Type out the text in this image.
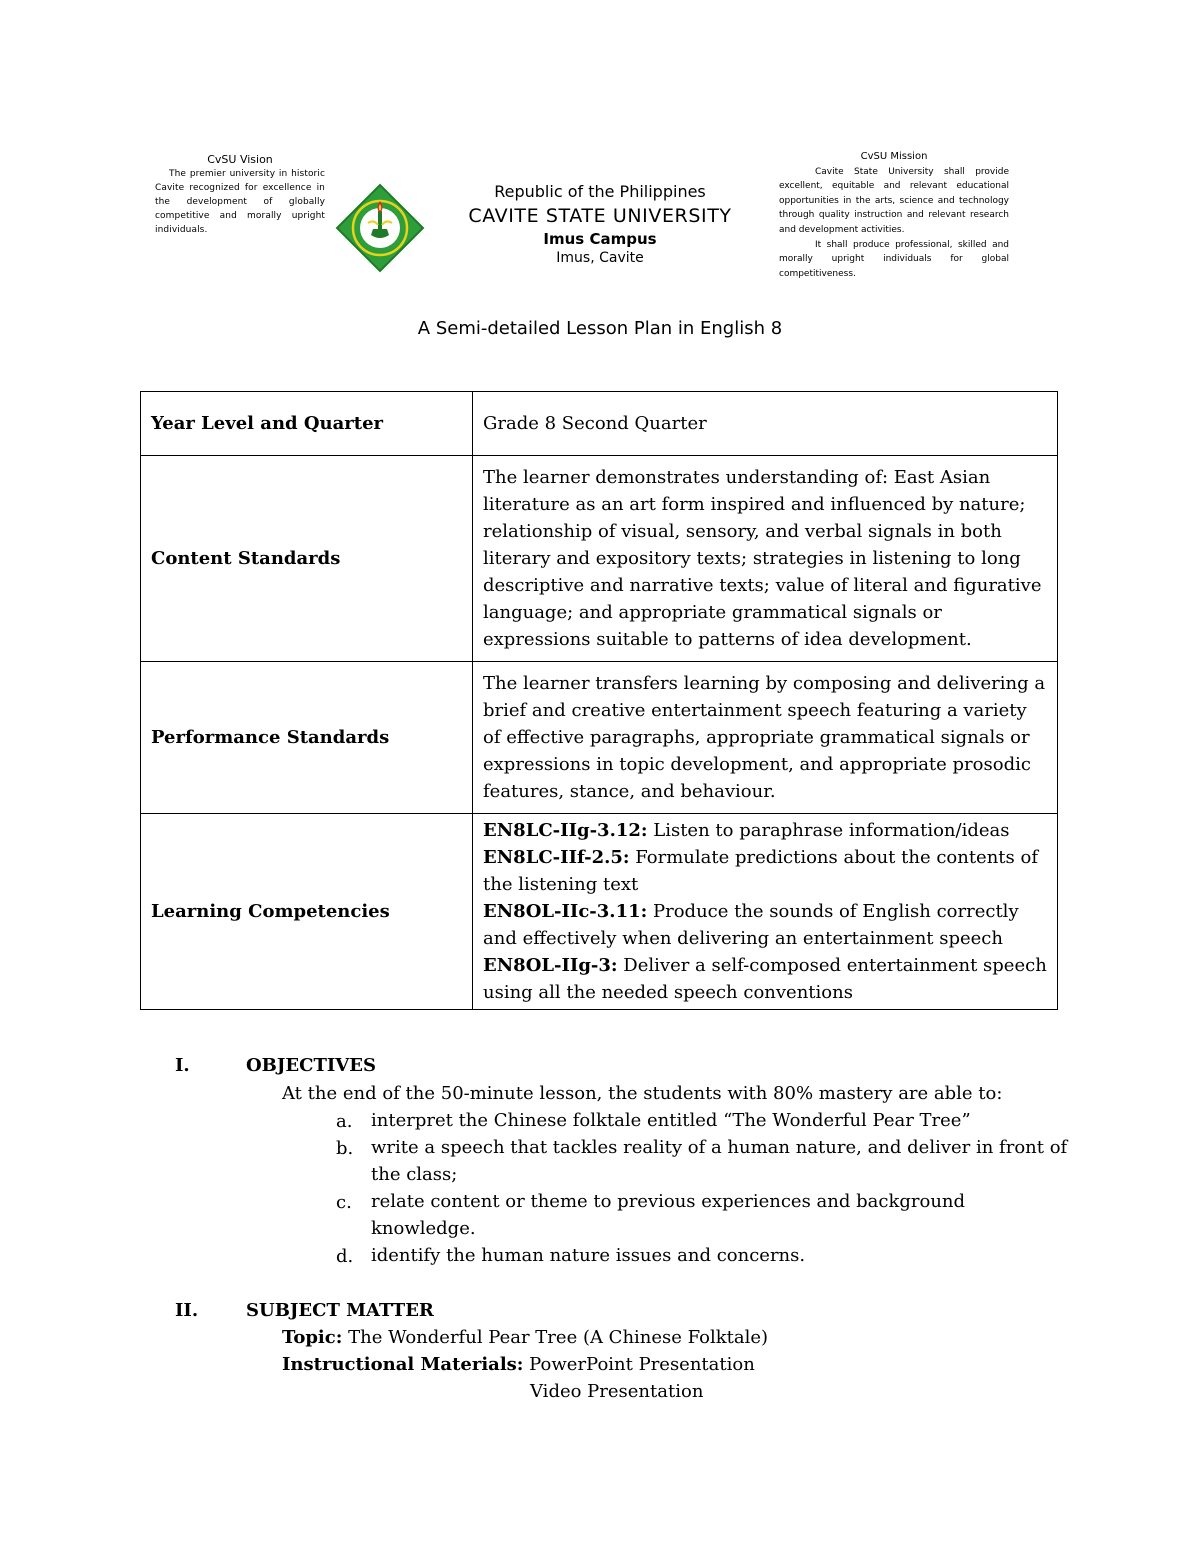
CvSU Vision
The premier university in historic Cavite recognized for excellence in the development of globally competitive and morally upright individuals.
Republic of the Philippines
CAVITE STATE UNIVERSITY
Imus Campus
Imus, Cavite
CvSU Mission
Cavite State University shall provide excellent, equitable and relevant educational opportunities in the arts, science and technology through quality instruction and relevant research and development activities.
It shall produce professional, skilled and morally upright individuals for global competitiveness.
A Semi-detailed Lesson Plan in English 8
Year Level and Quarter	Grade 8 Second Quarter
Content Standards	The learner demonstrates understanding of: East Asian literature as an art form inspired and influenced by nature; relationship of visual, sensory, and verbal signals in both literary and expository texts; strategies in listening to long descriptive and narrative texts; value of literal and figurative language; and appropriate grammatical signals or expressions suitable to patterns of idea development.
Performance Standards	The learner transfers learning by composing and delivering a brief and creative entertainment speech featuring a variety of effective paragraphs, appropriate grammatical signals or expressions in topic development, and appropriate prosodic features, stance, and behaviour.
Learning Competencies	EN8LC-IIg-3.12: Listen to paraphrase information/ideas
EN8LC-IIf-2.5: Formulate predictions about the contents of the listening text
EN8OL-IIc-3.11: Produce the sounds of English correctly and effectively when delivering an entertainment speech
EN8OL-IIg-3: Deliver a self-composed entertainment speech using all the needed speech conventions
I.	OBJECTIVES
At the end of the 50-minute lesson, the students with 80% mastery are able to:
a. interpret the Chinese folktale entitled “The Wonderful Pear Tree”
b. write a speech that tackles reality of a human nature, and deliver in front of the class;
c. relate content or theme to previous experiences and background knowledge.
d. identify the human nature issues and concerns.
II.	SUBJECT MATTER
Topic: The Wonderful Pear Tree (A Chinese Folktale)
Instructional Materials: PowerPoint Presentation
Video Presentation
